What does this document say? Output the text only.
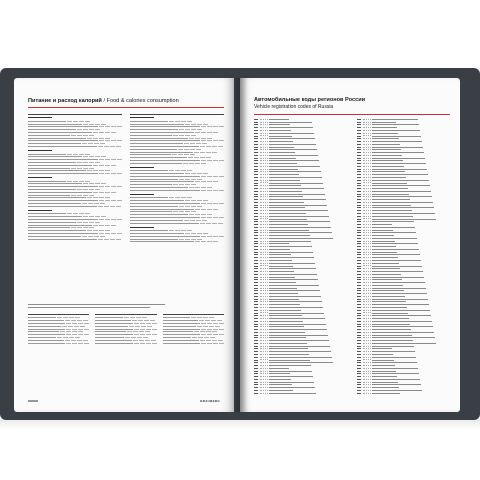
Питание и расход калорий / Food & calories consumption
BRAUBERG
Автомобильные коды регионов России
Vehicle registration codes of Russia
